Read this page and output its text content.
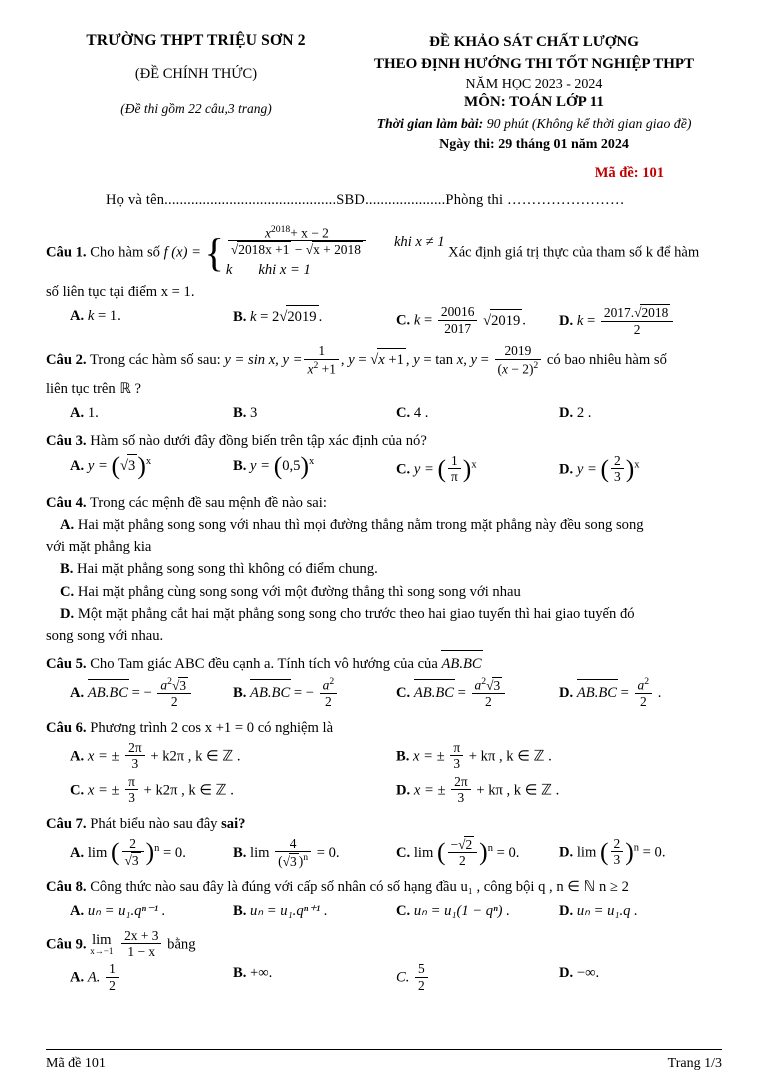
TRƯỜNG THPT TRIỆU SƠN 2
(ĐỀ CHÍNH THỨC)
(Đề thi gồm 22 câu,3 trang)
ĐỀ KHẢO SÁT CHẤT LƯỢNG
THEO ĐỊNH HƯỚNG THI TỐT NGHIỆP THPT
NĂM HỌC 2023 - 2024
MÔN: TOÁN LỚP 11
Thời gian làm bài: 90 phút (Không kể thời gian giao đề)
Ngày thi: 29 tháng 01 năm 2024
Mã đề: 101
Họ và tên.............................................SBD.....................Phòng thi ……………………
Câu 1. Cho hàm số f (x) = { $\frac{x^{2018}+ x - 2}{√2018x +1 - √x + 2018}$ khi x ≠ 1
k khi x = 1
Xác định giá trị thực của tham số k để hàm
số liên tục tại điểm x = 1.
A. k = 1.	B. k = 2√2019 .	C. $k = \frac{20016}{2017} √2019$ .	D. $k = \frac{2017.√2018}{2}$
Câu 2. Trong các hàm số sau: y = sin x, $y = \frac{1}{x^2 +1}$ , y = √x +1 , y = tan x, $y = \frac{2019}{(x - 2)^2}$ có bao nhiêu hàm số
liên tục trên ℝ ?
A. 1.	B. 3	C. 4 .	D. 2 .
Câu 3. Hàm số nào dưới đây đồng biến trên tập xác định của nó?
A. $y = (√3)^x$	B. $y = (0,5)^x$	C. y = ( $\frac{1}{\pi} )^x$	D. y = ( $\frac{2}{3} )^x$
Câu 4. Trong các mệnh đề sau mệnh đề nào sai:
A. Hai mặt phẳng song song với nhau thì mọi đường thẳng nằm trong mặt phẳng này đều song song
với mặt phẳng kia
B. Hai mặt phẳng song song thì không có điểm chung.
C. Hai mặt phẳng cùng song song với một đường thẳng thì song song với nhau
D. Một mặt phẳng cắt hai mặt phẳng song song cho trước theo hai giao tuyến thì hai giao tuyến đó
song song với nhau.
Câu 5. Cho Tam giác ABC đều cạnh a. Tính tích vô hướng của của AB.BC
A. AB.BC = − $\frac{a^2√3}{2}$	B. AB.BC = − $\frac{a^2}{2}$	C. $AB.BC = \frac{a^2√3}{2}$	D. $AB.BC = \frac{a^2}{2}$ .
Câu 6. Phương trình 2 cos x +1 = 0 có nghiệm là
A. x = ± $\frac{2\pi}{3} + k2\pi$ , k ∈ ℤ .	B. x = ± $\frac{\pi}{3} + k\pi$ , k ∈ ℤ .
C. x = ± $\frac{\pi}{3} + k2\pi$ , k ∈ ℤ .	D. x = ± $\frac{2\pi}{3} + k\pi$ , k ∈ ℤ .
Câu 7. Phát biểu nào sau đây sai?
A. lim ( $\frac{2}{√3} )^n = 0$.	B. $\lim \frac{4}{(√3 )^n} = 0$.	C. lim ( $\frac{-√2}{2} )^n = 0$.	D. lim ( $\frac{2}{3} )^n = 0$.
Câu 8. Công thức nào sau đây là đúng với cấp số nhân có số hạng đầu u₁ , công bội q , n ∈ ℕ n ≥ 2
A. uₙ = u₁.qⁿ⁻¹ .	B. uₙ = u₁.qⁿ⁺¹ .	C. uₙ = u₁(1 − qⁿ) .	D. uₙ = u₁.q .
Câu 9. lim
x→−1
$\frac{2x + 3}{1 - x}$ bằng
A. A. $\frac{1}{2}$	B. +∞.	C. $\frac{5}{2}$	D. −∞.
Mã đề 101	Trang 1/3
